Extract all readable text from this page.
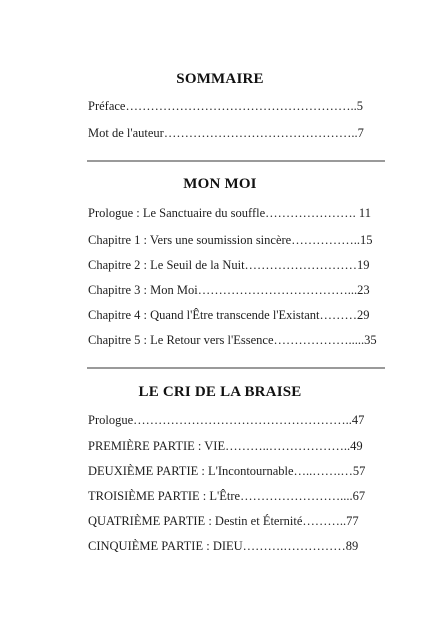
SOMMAIRE
Préface………………………………………………..5
Mot de l'auteur………………………………………..7
MON MOI
Prologue : Le Sanctuaire du souffle…………………. 11
Chapitre 1 : Vers une soumission sincère……………..15
Chapitre 2 : Le Seuil de la Nuit………………………19
Chapitre 3 : Mon Moi………………………………...23
Chapitre 4 : Quand l'Être transcende l'Existant………29
Chapitre 5 : Le Retour vers l'Essence……………….....35
LE CRI DE LA BRAISE
Prologue……………………………………………..47
PREMIÈRE PARTIE : VIE………..………………..49
DEUXIÈME PARTIE : L'Incontournable…..…….…57
TROISIÈME PARTIE : L'Être……………………....67
QUATRIÈME PARTIE : Destin et Éternité………..77
CINQUIÈME PARTIE : DIEU……….……………89
